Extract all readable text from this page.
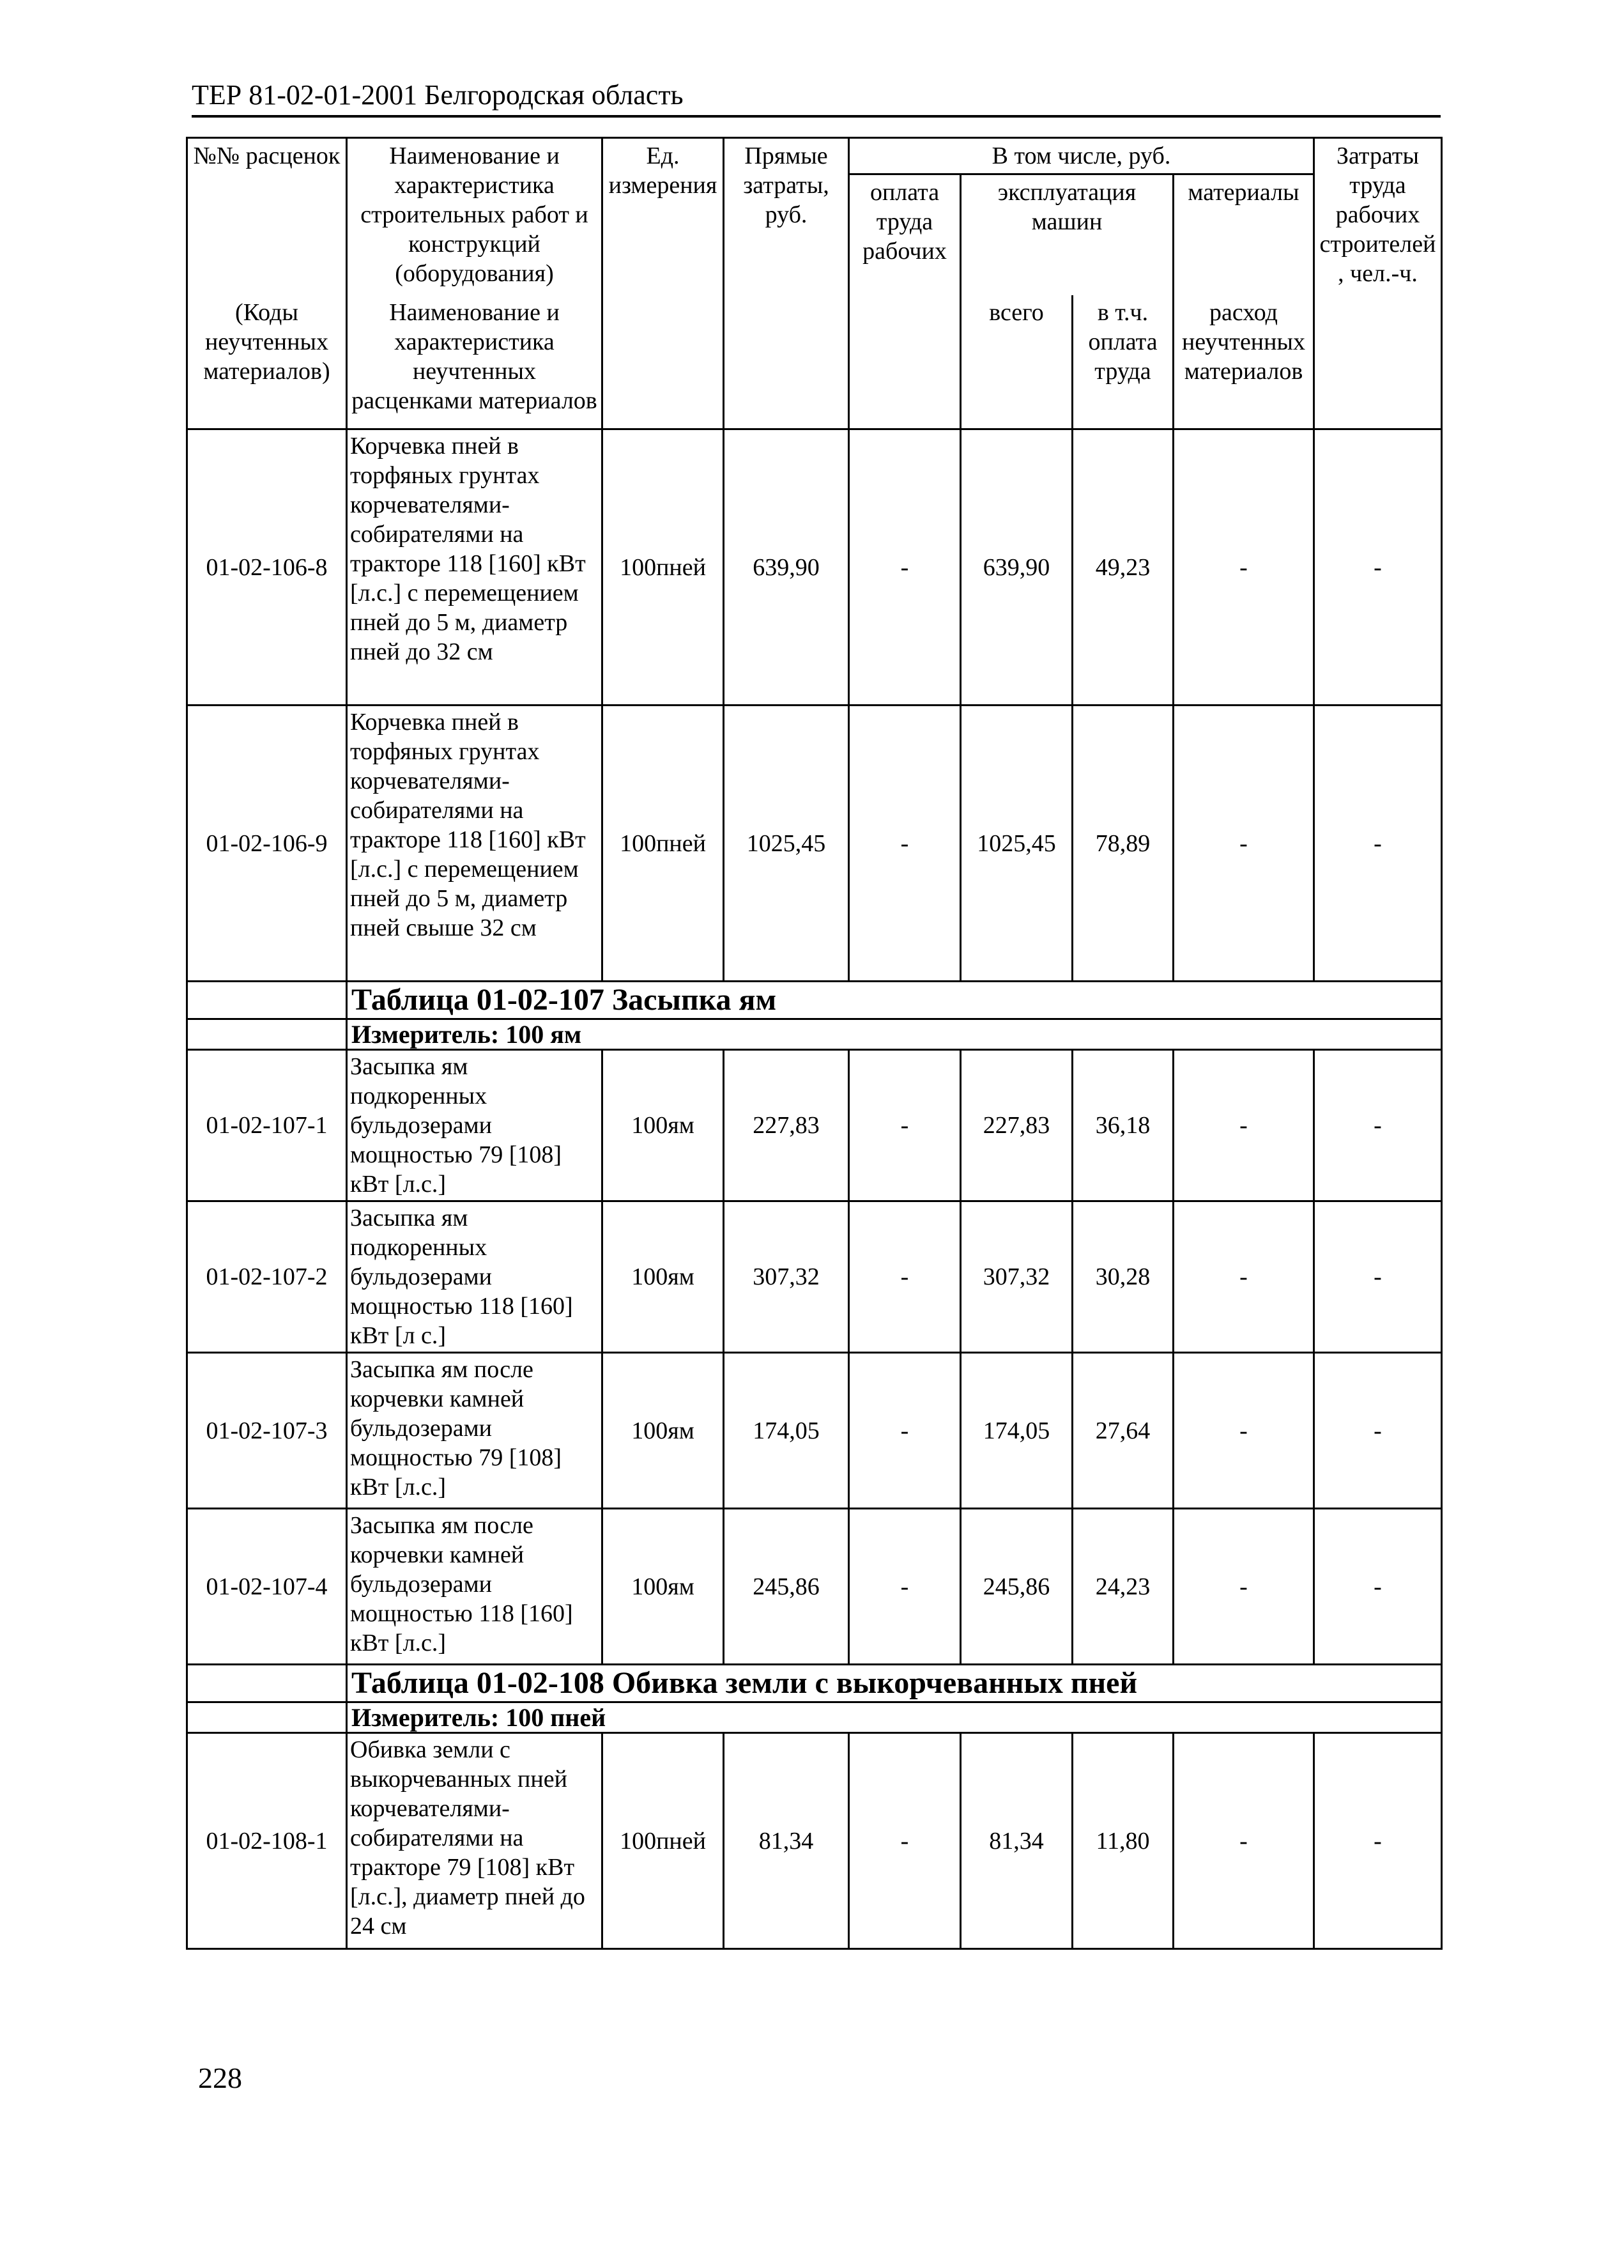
ТЕР 81-02-01-2001 Белгородская область
№№ расценок	Наименование и характеристика строительных работ и конструкций (оборудования)	Ед. измерения	Прямые затраты, руб.	В том числе, руб.				Затраты труда рабочих строителей, чел.-ч.
				оплата труда рабочих	эксплуатация машин		материалы	
(Коды неучтенных материалов)	Наименование и характеристика неучтенных расценками материалов				всего	в т.ч. оплата труда	расход неучтенных материалов	
01-02-106-8	Корчевка пней в торфяных грунтах корчевателями-собирателями на тракторе 118 [160] кВт [л.с.] с перемещением пней до 5 м, диаметр пней до 32 см	100пней	639,90	-	639,90	49,23	-	-
01-02-106-9	Корчевка пней в торфяных грунтах корчевателями-собирателями на тракторе 118 [160] кВт [л.с.] с перемещением пней до 5 м, диаметр пней свыше 32 см	100пней	1025,45	-	1025,45	78,89	-	-
	Таблица 01-02-107 Засыпка ям							
	Измеритель: 100 ям							
01-02-107-1	Засыпка ям подкоренных бульдозерами мощностью 79 [108] кВт [л.с.]	100ям	227,83	-	227,83	36,18	-	-
01-02-107-2	Засыпка ям подкоренных бульдозерами мощностью 118 [160] кВт [л с.]	100ям	307,32	-	307,32	30,28	-	-
01-02-107-3	Засыпка ям после корчевки камней бульдозерами мощностью 79 [108] кВт [л.с.]	100ям	174,05	-	174,05	27,64	-	-
01-02-107-4	Засыпка ям после корчевки камней бульдозерами мощностью 118 [160] кВт [л.с.]	100ям	245,86	-	245,86	24,23	-	-
	Таблица 01-02-108 Обивка земли с выкорчеванных пней							
	Измеритель: 100 пней							
01-02-108-1	Обивка земли с выкорчеванных пней корчевателями-собирателями на тракторе 79 [108] кВт [л.с.], диаметр пней до 24 см	100пней	81,34	-	81,34	11,80	-	-
228
